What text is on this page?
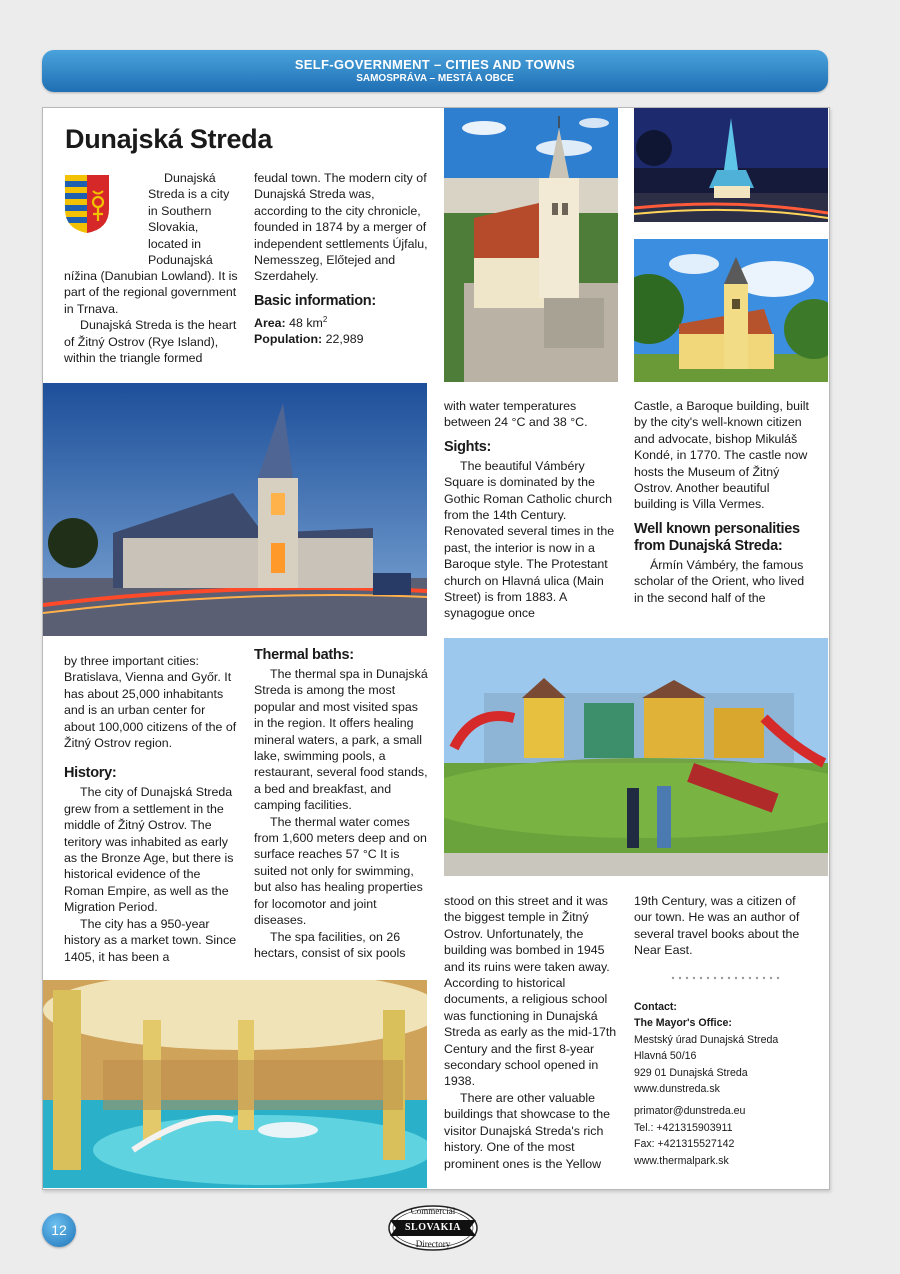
SELF-GOVERNMENT – CITIES AND TOWNS
SAMOSPRÁVA – MESTÁ A OBCE
Dunajská Streda
Dunajská
Streda is a city
in Southern
Slovakia,
located in
Podunajská

nížina (Danubian Lowland). It is part of the regional government in Trnava.

Dunajská Streda is the heart of Žitný Ostrov (Rye Island), within the triangle formed

feudal town. The modern city of Dunajská Streda was, according to the city chronicle, founded in 1874 by a merger of independent settlements Újfalu, Nemesszeg, Előtejed and Szerdahely.

Basic information:
Area: 48 $km^2$
Population: 22,989

with water temperatures between 24 °C and 38 °C.

Sights:

The beautiful Vámbéry Square is dominated by the Gothic Roman Catholic church from the 14th Century. Renovated several times in the past, the interior is now in a Baroque style. The Protestant church on Hlavná ulica (Main Street) is from 1883. A synagogue once

Castle, a Baroque building, built by the city's well-known citizen and advocate, bishop Mikuláš Kondé, in 1770. The castle now hosts the Museum of Žitný Ostrov. Another beautiful building is Villa Vermes.

Well known personalities from Dunajská Streda:

Ármín Vámbéry, the famous scholar of the Orient, who lived in the second half of the

by three important cities: Bratislava, Vienna and Győr. It has about 25,000 inhabitants and is an urban center for about 100,000 citizens of the of Žitný Ostrov region.

History:

The city of Dunajská Streda grew from a settlement in the middle of Žitný Ostrov. The teritory was inhabited as early as the Bronze Age, but there is historical evidence of the Roman Empire, as well as the Migration Period.

The city has a 950-year history as a market town. Since 1405, it has been a

Thermal baths:

The thermal spa in Dunajská Streda is among the most popular and most visited spas in the region. It offers healing mineral waters, a park, a small lake, swimming pools, a restaurant, several food stands, a bed and breakfast, and camping facilities.

The thermal water comes from 1,600 meters deep and on surface reaches 57 °C It is suited not only for swimming, but also has healing properties for locomotor and joint diseases.

The spa facilities, on 26 hectars, consist of six pools

stood on this street and it was the biggest temple in Žitný Ostrov. Unfortunately, the building was bombed in 1945 and its ruins were taken away. According to historical documents, a religious school was functioning in Dunajská Streda as early as the mid-17th Century and the first 8-year secondary school opened in 1938.

There are other valuable buildings that showcase to the visitor Dunajská Streda's rich history. One of the most prominent ones is the Yellow

19th Century, was a citizen of our town. He was an author of several travel books about the Near East.

Contact:
The Mayor's Office:
Mestský úrad Dunajská Streda
Hlavná 50/16
929 01 Dunajská Streda
www.dunstreda.sk
primator@dunstreda.eu
Tel.: +421315903911
Fax: +421315527142
www.thermalpark.sk
12
Commercial
SLOVAKIA
Directory
